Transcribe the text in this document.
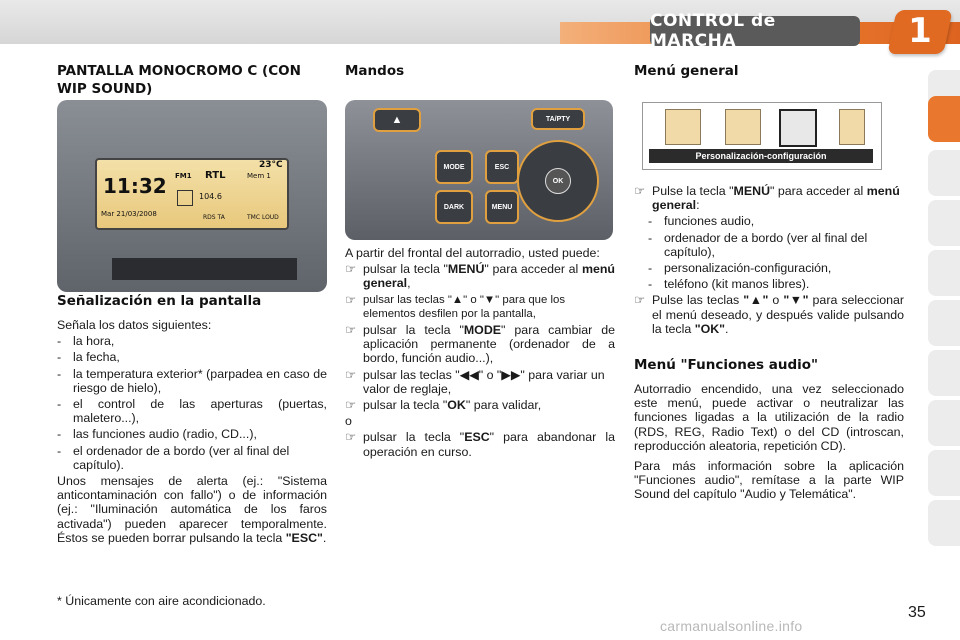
CONTROL de MARCHA	1
PANTALLA MONOCROMO C (CON WIP SOUND)
11:32
Mar 21/03/2008
FM1 RTL	Mem 1
23°C
104.6
RDS TA	TMC LOUD
Señalización en la pantalla

Señala los datos siguientes:

- la hora,
- la fecha,
- la temperatura exterior* (parpadea en caso de riesgo de hielo),
- el control de las aperturas (puertas, maletero...),
- las funciones audio (radio, CD...),
- el ordenador de a bordo (ver al final del capítulo).

Unos mensajes de alerta (ej.: "Sistema anticontaminación con fallo") o de información (ej.: "Iluminación automática de los faros activada") pueden aparecer temporalmente. Éstos se pueden borrar pulsando la tecla "ESC".

* Únicamente con aire acondicionado.
Mandos
▲	TA/PTY
MODE
DARK
ESC
MENU
OK

A partir del frontal del autorradio, usted puede:

☞ pulsar la tecla "MENÚ" para acceder al menú general,
☞ pulsar las teclas "▲" o "▼" para que los elementos desfilen por la pantalla,
☞ pulsar la tecla "MODE" para cambiar de aplicación permanente (ordenador de a bordo, función audio...),
☞ pulsar las teclas "◀◀" o "▶▶" para variar un valor de reglaje,
☞ pulsar la tecla "OK" para validar,

o

☞ pulsar la tecla "ESC" para abandonar la operación en curso.
Menú general
Personalización-configuración
☞ Pulse la tecla "MENÚ" para acceder al menú general:
- funciones audio,
- ordenador de a bordo (ver al final del capítulo),
- personalización-configuración,
- teléfono (kit manos libres).
☞ Pulse las teclas "▲" o "▼" para seleccionar el menú deseado, y después valide pulsando la tecla "OK".
Menú "Funciones audio"

Autorradio encendido, una vez seleccionado este menú, puede activar o neutralizar las funciones ligadas a la utilización de la radio (RDS, REG, Radio Text) o del CD (introscan, reproducción aleatoria, repetición CD).

Para más información sobre la aplicación "Funciones audio", remítase a la parte WIP Sound del capítulo "Audio y Telemática".

35
carmanualsonline.info
